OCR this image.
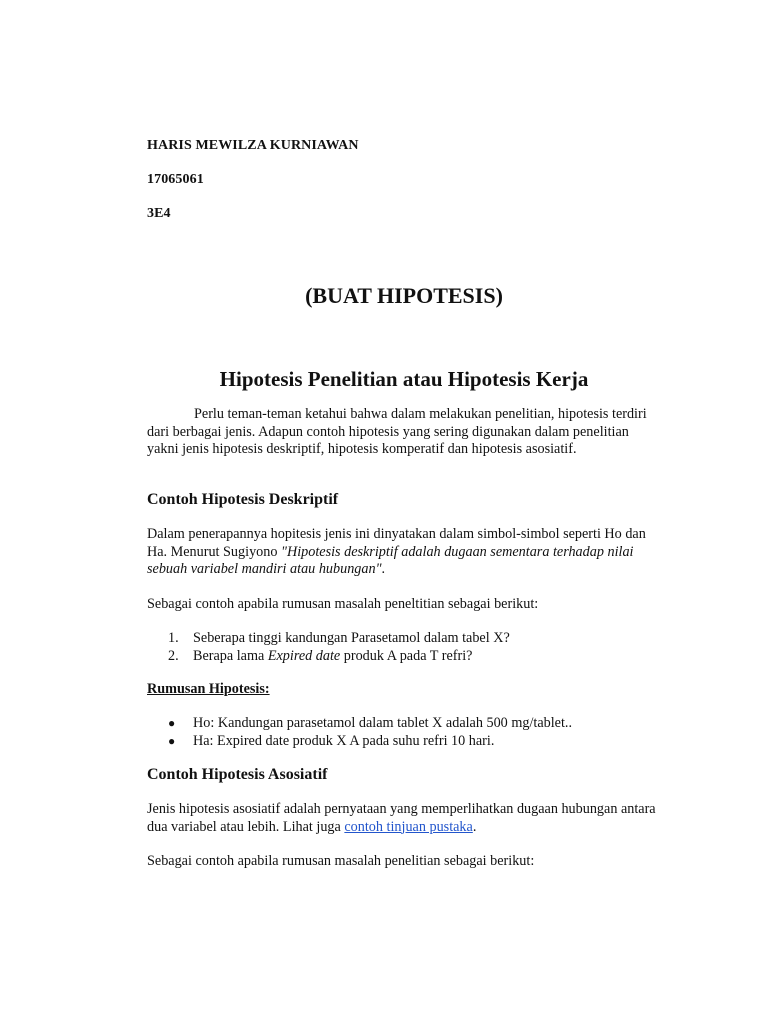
HARIS MEWILZA KURNIAWAN
17065061
3E4
(BUAT HIPOTESIS)
Hipotesis Penelitian atau Hipotesis Kerja
Perlu teman-teman ketahui bahwa dalam melakukan penelitian, hipotesis terdiri dari berbagai jenis. Adapun contoh hipotesis yang sering digunakan dalam penelitian yakni jenis hipotesis deskriptif, hipotesis komperatif dan hipotesis asosiatif.
Contoh Hipotesis Deskriptif
Dalam penerapannya hopitesis jenis ini dinyatakan dalam simbol-simbol seperti Ho dan Ha. Menurut Sugiyono "Hipotesis deskriptif adalah dugaan sementara terhadap nilai sebuah variabel mandiri atau hubungan".
Sebagai contoh apabila rumusan masalah peneltitian sebagai berikut:
1.	Seberapa tinggi kandungan Parasetamol dalam tabel X?
2.	Berapa lama Expired date produk A pada T refri?
Rumusan Hipotesis:
●	Ho: Kandungan parasetamol dalam tablet X adalah 500 mg/tablet..
●	Ha: Expired date produk X A pada suhu refri 10 hari.
Contoh Hipotesis Asosiatif
Jenis hipotesis asosiatif adalah pernyataan yang memperlihatkan dugaan hubungan antara dua variabel atau lebih. Lihat juga contoh tinjuan pustaka.
Sebagai contoh apabila rumusan masalah penelitian sebagai berikut:
